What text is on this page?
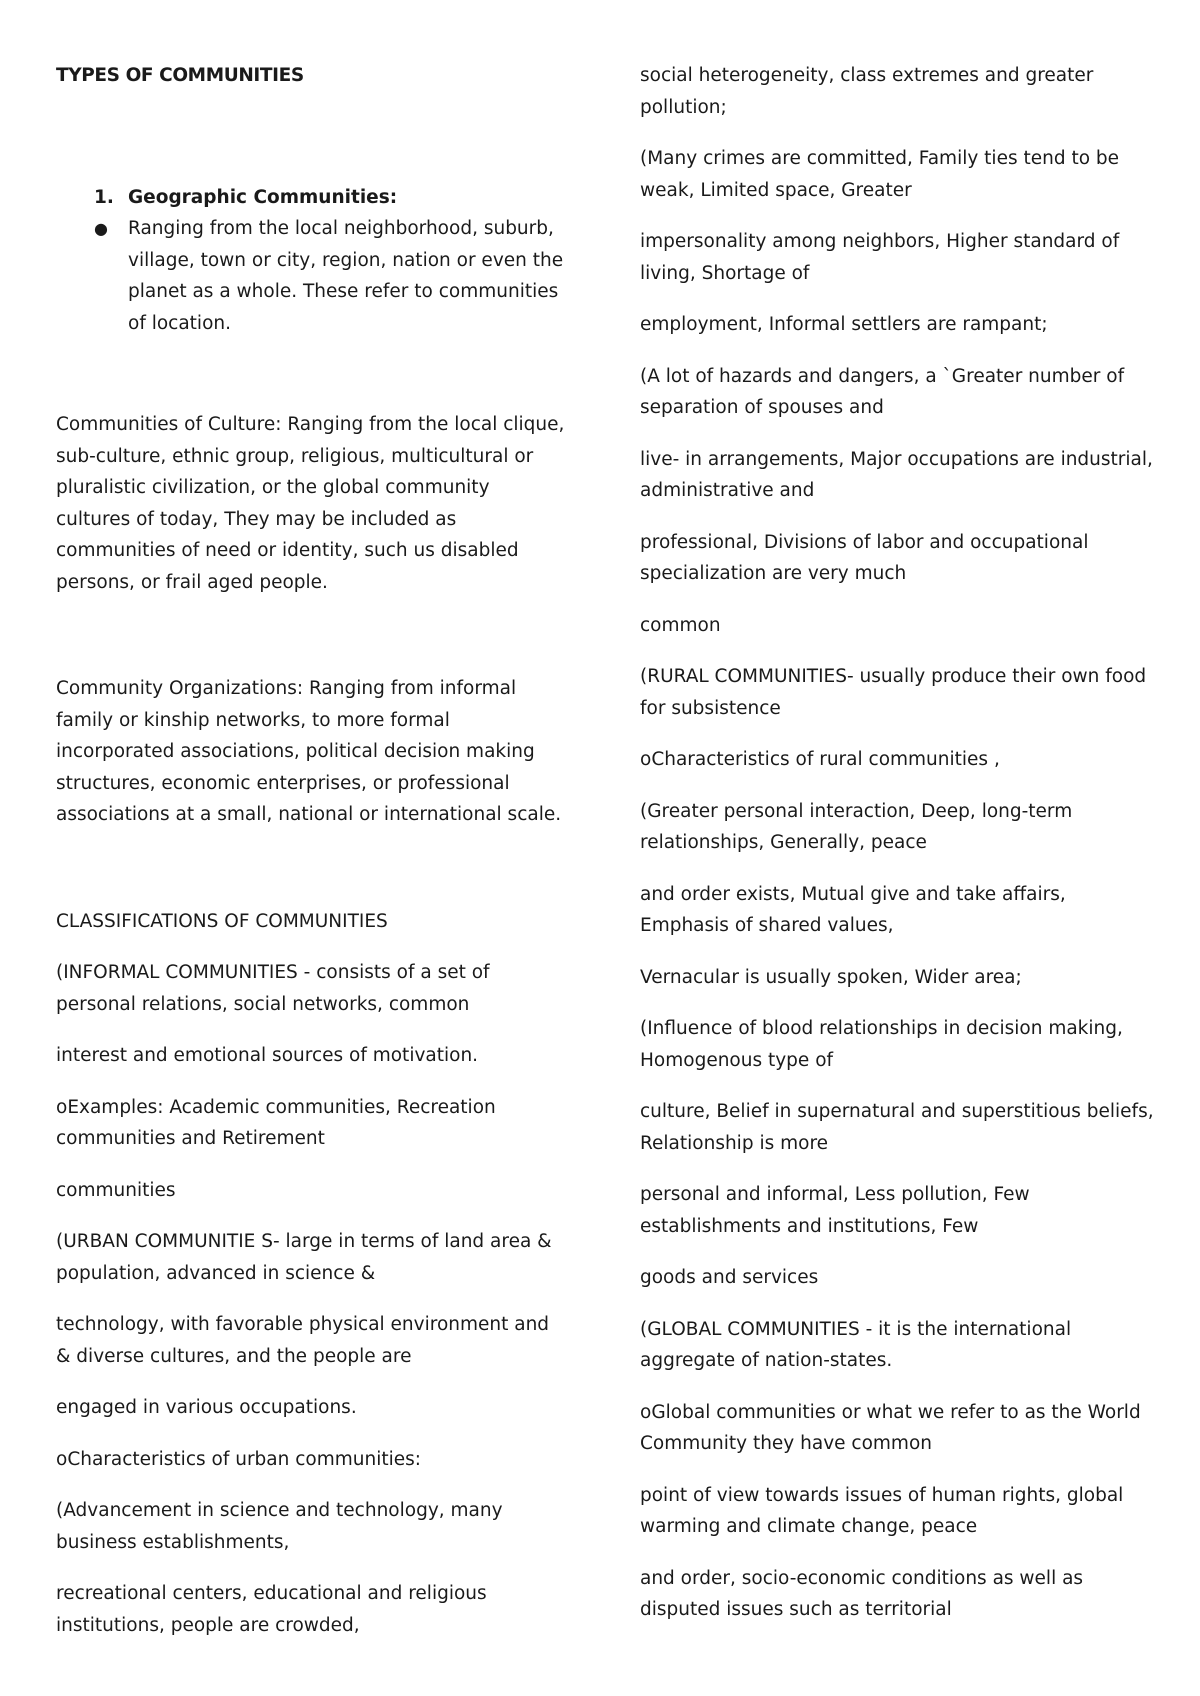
TYPES OF COMMUNITIES
1. Geographic Communities:
●	Ranging from the local neighborhood, suburb, village, town or city, region, nation or even the planet as a whole. These refer to communities of location.

Communities of Culture: Ranging from the local clique, sub-culture, ethnic group, religious, multicultural or pluralistic civilization, or the global community cultures of today, They may be included as communities of need or identity, such us disabled persons, or frail aged people.

Community Organizations: Ranging from informal family or kinship networks, to more formal incorporated associations, political decision making structures, economic enterprises, or professional associations at a small, national or international scale.

CLASSIFICATIONS OF COMMUNITIES

(INFORMAL COMMUNITIES - consists of a set of personal relations, social networks, common

interest and emotional sources of motivation.

oExamples: Academic communities, Recreation communities and Retirement

communities

(URBAN COMMUNITIE S- large in terms of land area & population, advanced in science &

technology, with favorable physical environment and & diverse cultures, and the people are

engaged in various occupations.

oCharacteristics of urban communities:

(Advancement in science and technology, many business establishments,

recreational centers, educational and religious institutions, people are crowded,

social heterogeneity, class extremes and greater pollution;

(Many crimes are committed, Family ties tend to be weak, Limited space, Greater

impersonality among neighbors, Higher standard of living, Shortage of

employment, Informal settlers are rampant;

(A lot of hazards and dangers, a `Greater number of separation of spouses and

live- in arrangements, Major occupations are industrial, administrative and

professional, Divisions of labor and occupational specialization are very much

common

(RURAL COMMUNITIES- usually produce their own food for subsistence

oCharacteristics of rural communities ,

(Greater personal interaction, Deep, long-term relationships, Generally, peace

and order exists, Mutual give and take affairs, Emphasis of shared values,

Vernacular is usually spoken, Wider area;

(Influence of blood relationships in decision making, Homogenous type of

culture, Belief in supernatural and superstitious beliefs, Relationship is more

personal and informal, Less pollution, Few establishments and institutions, Few

goods and services

(GLOBAL COMMUNITIES - it is the international aggregate of nation-states.

oGlobal communities or what we refer to as the World Community they have common

point of view towards issues of human rights, global warming and climate change, peace

and order, socio-economic conditions as well as disputed issues such as territorial
